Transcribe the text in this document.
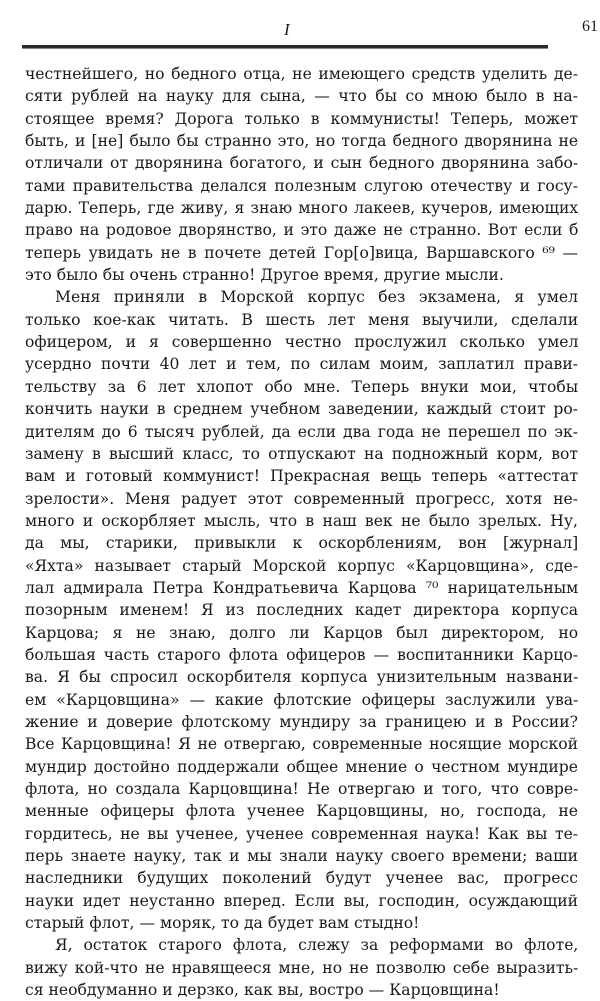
I	61
честнейшего, но бедного отца, не имеющего средств уделить де-
сяти рублей на науку для сына, — что бы со мною было в на-
стоящее время? Дорога только в коммунисты! Теперь, может
быть, и [не] было бы странно это, но тогда бедного дворянина не
отличали от дворянина богатого, и сын бедного дворянина забо-
тами правительства делался полезным слугою отечеству и госу-
дарю. Теперь, где живу, я знаю много лакеев, кучеров, имеющих
право на родовое дворянство, и это даже не странно. Вот если б
теперь увидать не в почете детей Гор[о]вица, Варшавского ⁶⁹ —
это было бы очень странно! Другое время, другие мысли.
Меня приняли в Морской корпус без экзамена, я умел
только кое-как читать. В шесть лет меня выучили, сделали
офицером, и я совершенно честно прослужил сколько умел
усердно почти 40 лет и тем, по силам моим, заплатил прави-
тельству за 6 лет хлопот обо мне. Теперь внуки мои, чтобы
кончить науки в среднем учебном заведении, каждый стоит ро-
дителям до 6 тысяч рублей, да если два года не перешел по эк-
замену в высший класс, то отпускают на подножный корм, вот
вам и готовый коммунист! Прекрасная вещь теперь «аттестат
зрелости». Меня радует этот современный прогресс, хотя не-
много и оскорбляет мысль, что в наш век не было зрелых. Ну,
да мы, старики, привыкли к оскорблениям, вон [журнал]
«Яхта» называет старый Морской корпус «Карцовщина», сде-
лал адмирала Петра Кондратьевича Карцова ⁷⁰ нарицательным
позорным именем! Я из последних кадет директора корпуса
Карцова; я не знаю, долго ли Карцов был директором, но
большая часть старого флота офицеров — воспитанники Карцо-
ва. Я бы спросил оскорбителя корпуса унизительным названи-
ем «Карцовщина» — какие флотские офицеры заслужили ува-
жение и доверие флотскому мундиру за границею и в России?
Все Карцовщина! Я не отвергаю, современные носящие морской
мундир достойно поддержали общее мнение о честном мундире
флота, но создала Карцовщина! Не отвергаю и того, что совре-
менные офицеры флота ученее Карцовщины, но, господа, не
гордитесь, не вы ученее, ученее современная наука! Как вы те-
перь знаете науку, так и мы знали науку своего времени; ваши
наследники будущих поколений будут ученее вас, прогресс
науки идет неустанно вперед. Если вы, господин, осуждающий
старый флот, — моряк, то да будет вам стыдно!
Я, остаток старого флота, слежу за реформами во флоте,
вижу кой-что не нравящееся мне, но не позволю себе выразить-
ся необдуманно и дерзко, как вы, востро — Карцовщина!
